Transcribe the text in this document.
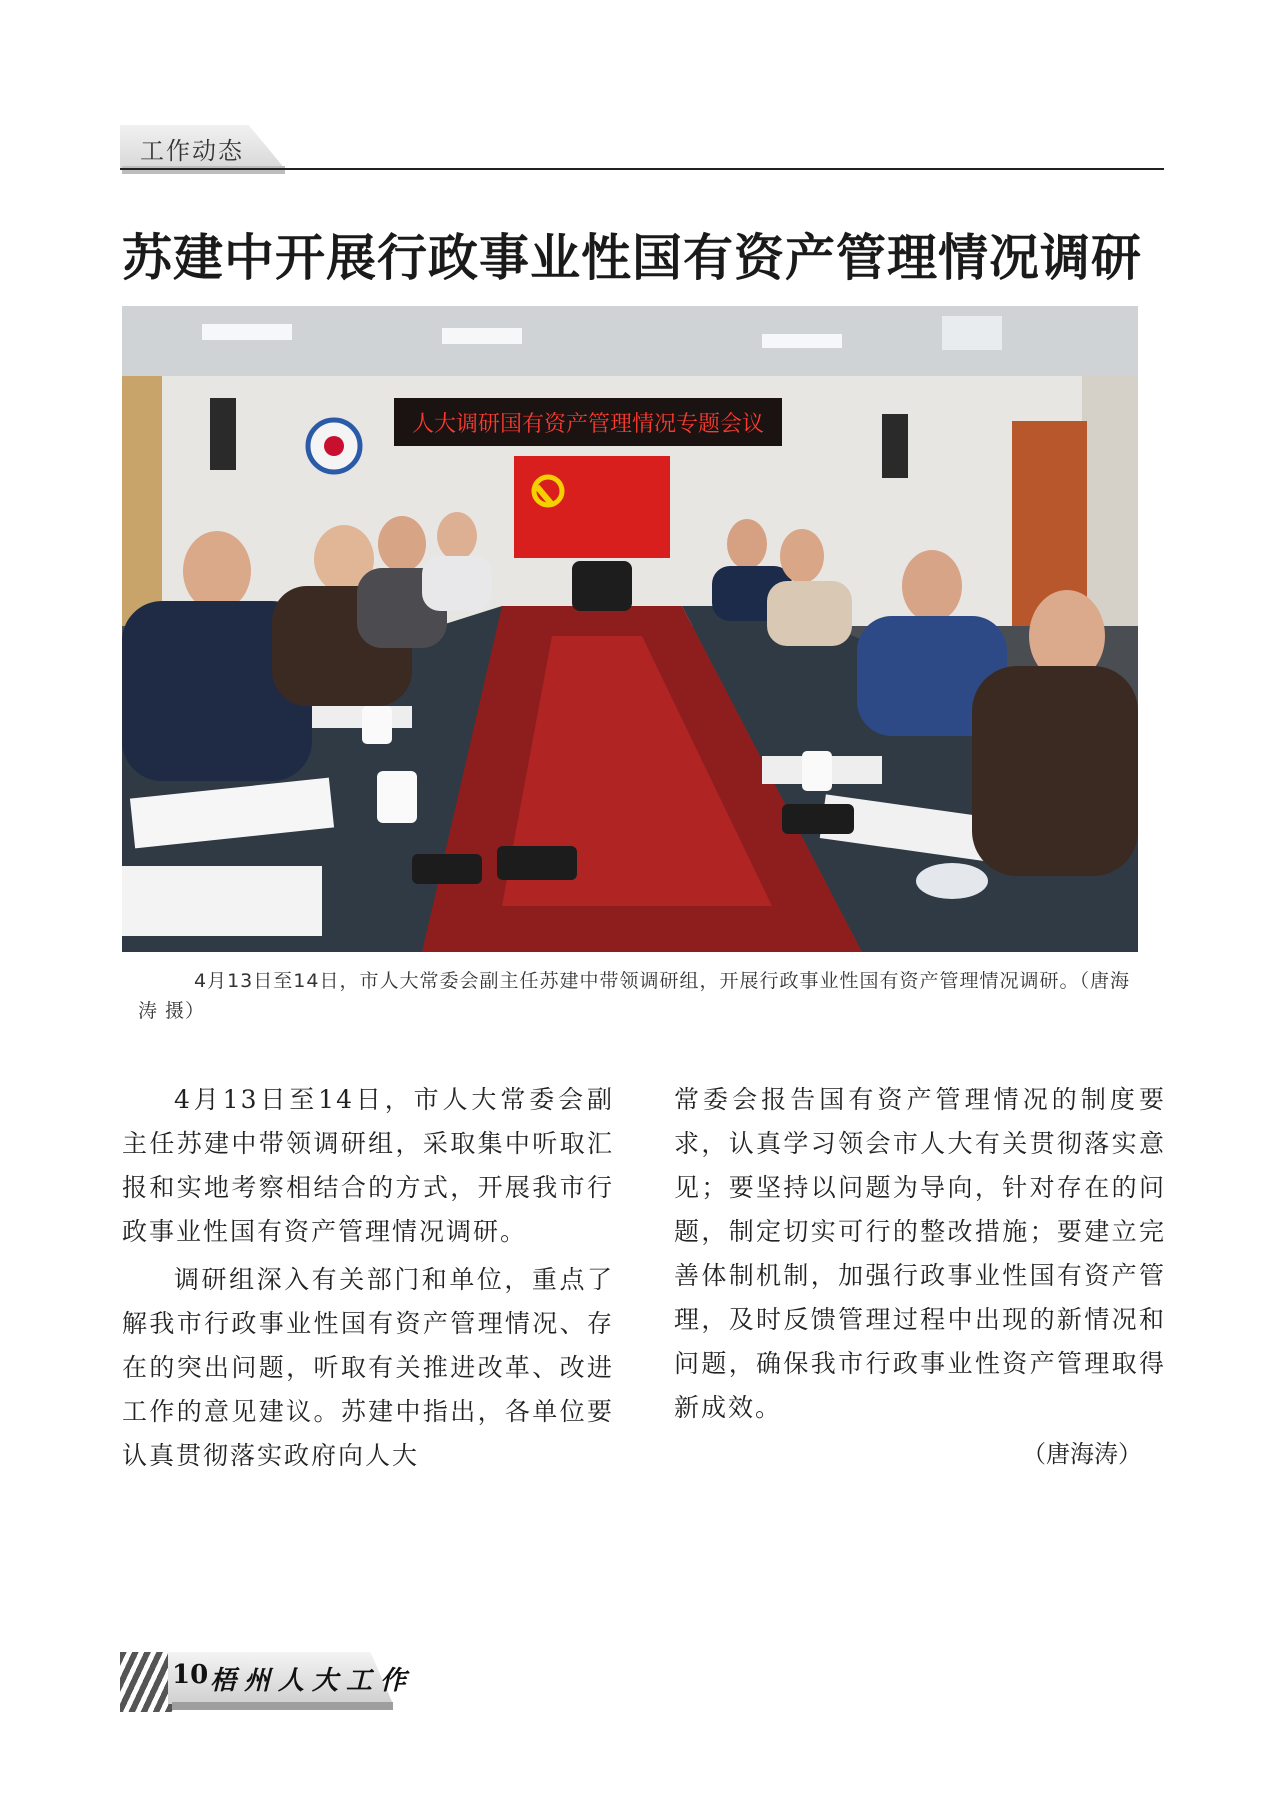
工作动态
苏建中开展行政事业性国有资产管理情况调研
人大调研国有资产管理情况专题会议
4月13日至14日，市人大常委会副主任苏建中带领调研组，开展行政事业性国有资产管理情况调研。（唐海涛 摄）

4月13日至14日，市人大常委会副主任苏建中带领调研组，采取集中听取汇报和实地考察相结合的方式，开展我市行政事业性国有资产管理情况调研。

调研组深入有关部门和单位，重点了解我市行政事业性国有资产管理情况、存在的突出问题，听取有关推进改革、改进工作的意见建议。苏建中指出，各单位要认真贯彻落实政府向人大

常委会报告国有资产管理情况的制度要求，认真学习领会市人大有关贯彻落实意见；要坚持以问题为导向，针对存在的问题，制定切实可行的整改措施；要建立完善体制机制，加强行政事业性国有资产管理，及时反馈管理过程中出现的新情况和问题，确保我市行政事业性资产管理取得新成效。

（唐海涛）
10 梧州人大工作
